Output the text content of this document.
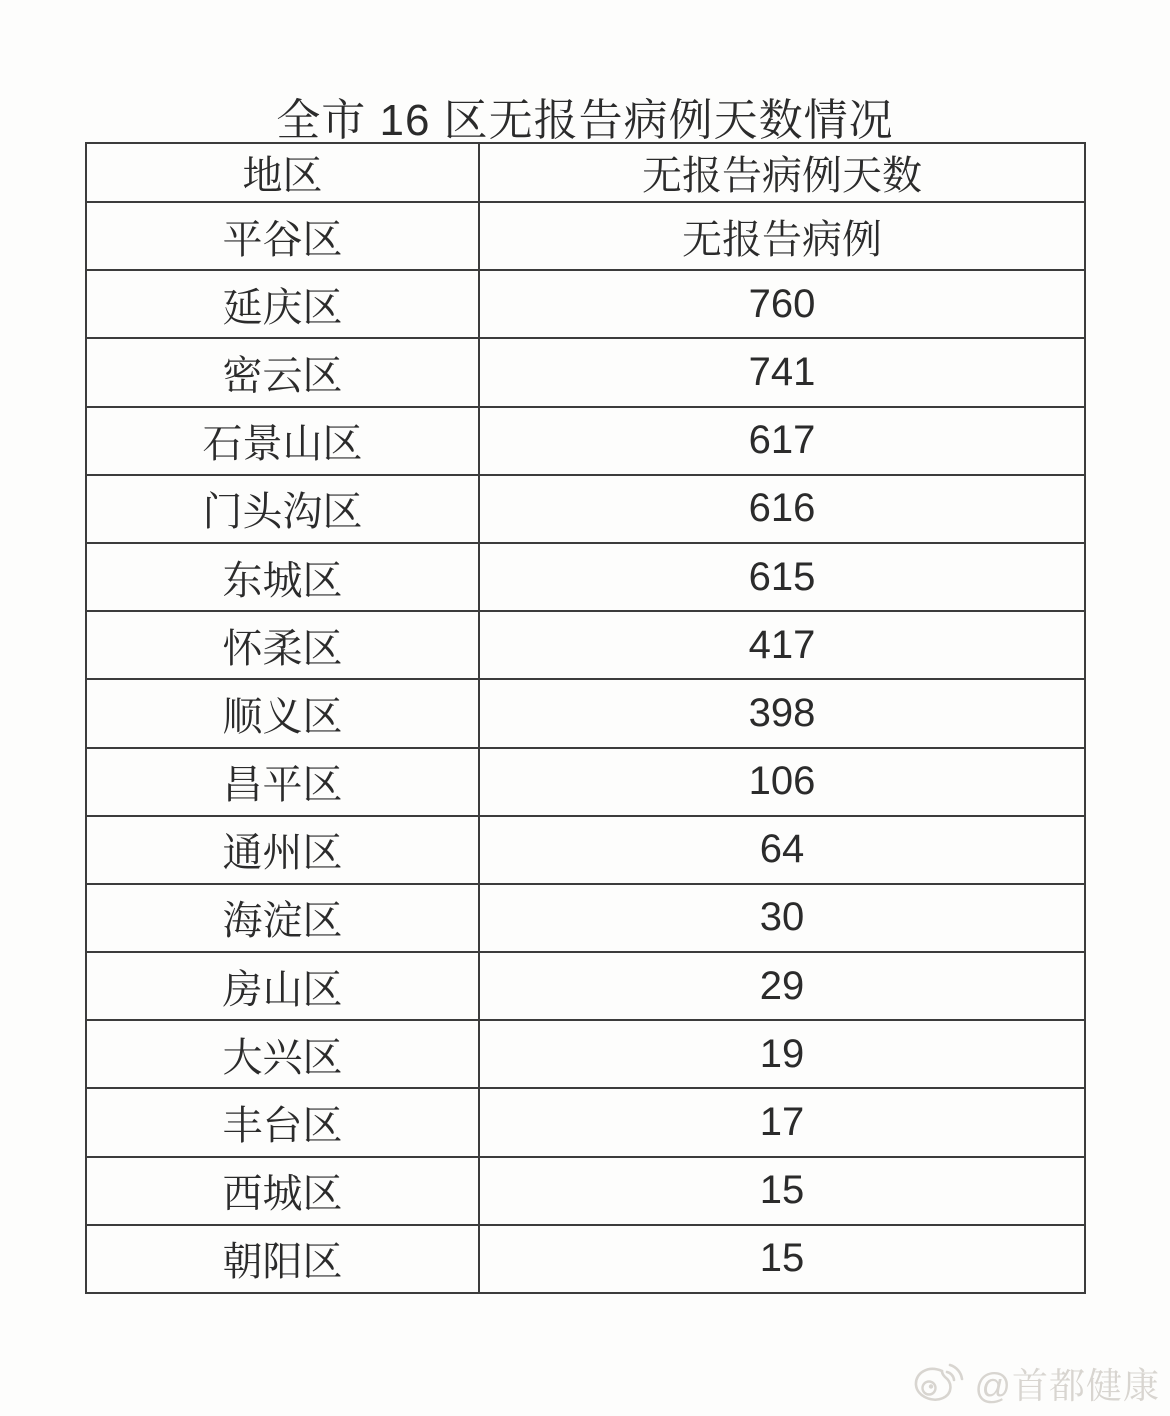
全市 16 区无报告病例天数情况
地区	无报告病例天数
平谷区	无报告病例
延庆区	760
密云区	741
石景山区	617
门头沟区	616
东城区	615
怀柔区	417
顺义区	398
昌平区	106
通州区	64
海淀区	30
房山区	29
大兴区	19
丰台区	17
西城区	15
朝阳区	15
@首都健康
